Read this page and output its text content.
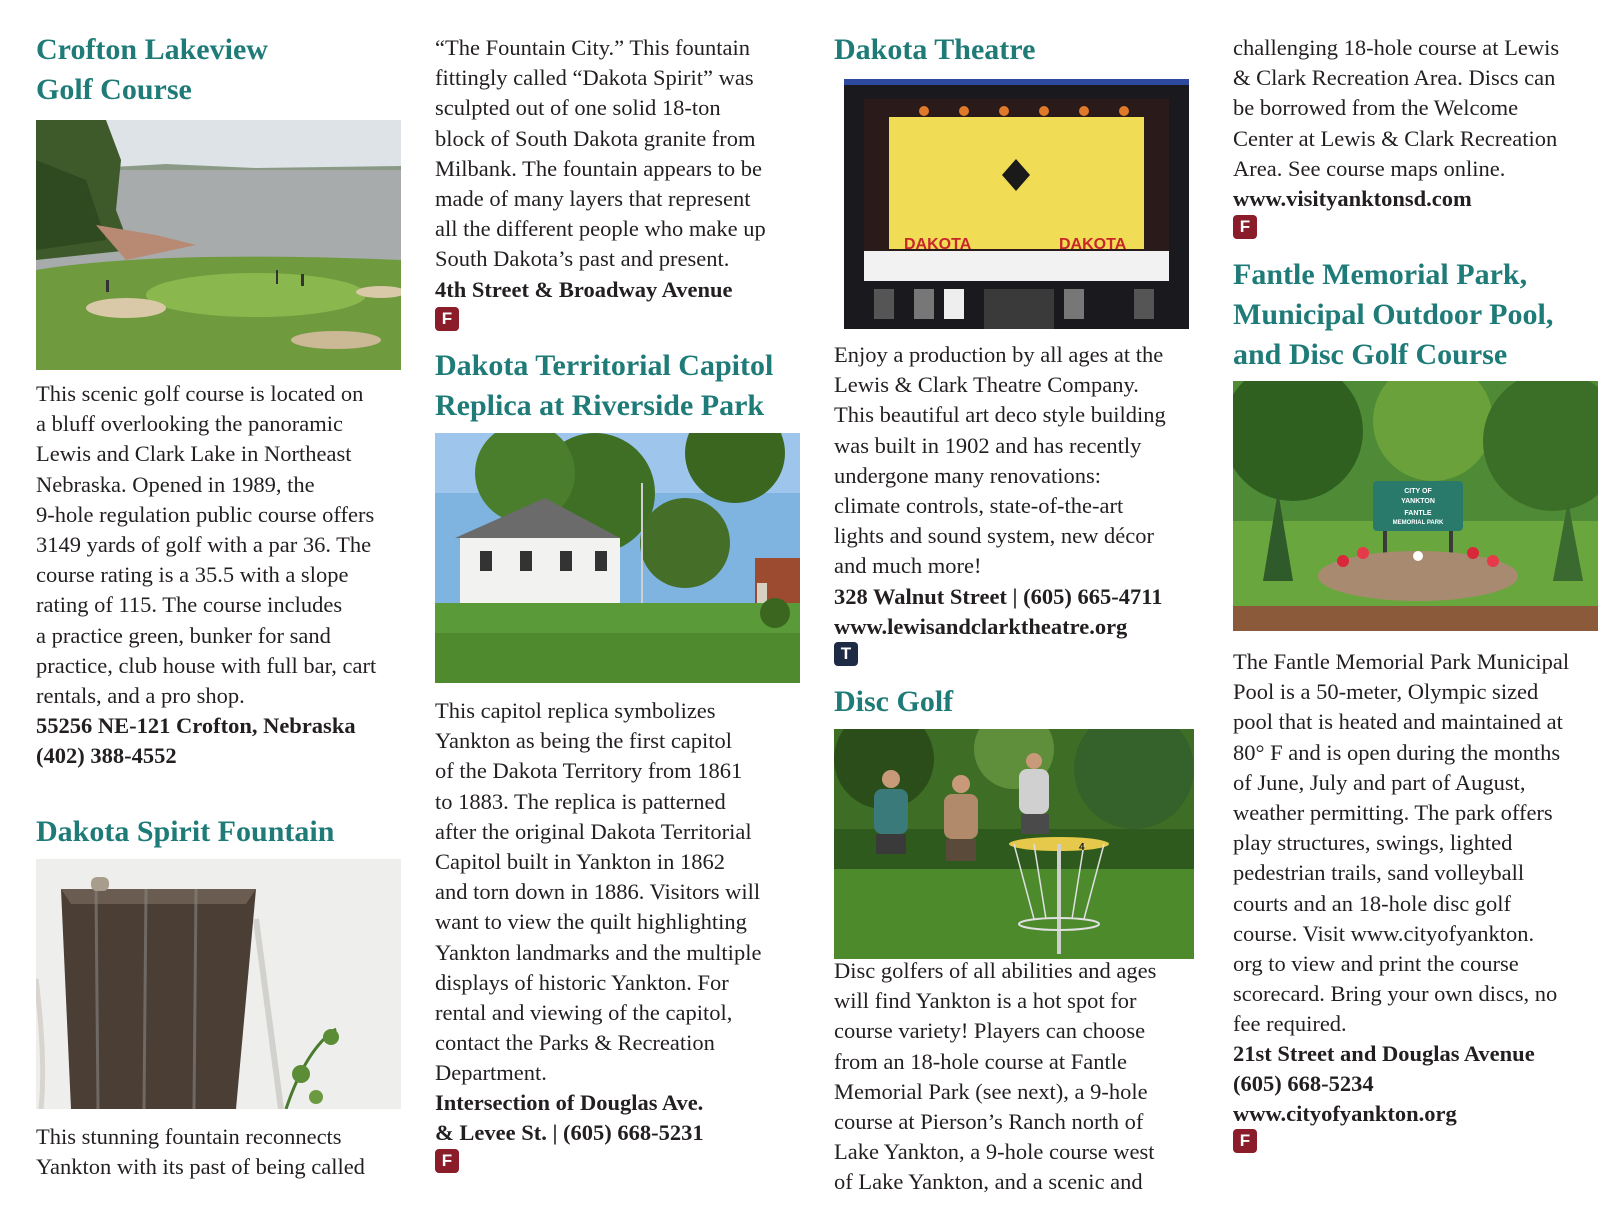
Crofton Lakeview
Golf Course

This scenic golf course is located on
a bluff overlooking the panoramic
Lewis and Clark Lake in Northeast
Nebraska. Opened in 1989, the
9-hole regulation public course offers
3149 yards of golf with a par 36. The
course rating is a 35.5 with a slope
rating of 115. The course includes
a practice green, bunker for sand
practice, club house with full bar, cart
rentals, and a pro shop.

55256 NE-121 Crofton, Nebraska
(402) 388-4552

Dakota Spirit Fountain

This stunning fountain reconnects
Yankton with its past of being called

“The Fountain City.” This fountain
fittingly called “Dakota Spirit” was
sculpted out of one solid 18-ton
block of South Dakota granite from
Milbank. The fountain appears to be
made of many layers that represent
all the different people who make up
South Dakota’s past and present.

4th Street & Broadway Avenue

F
Dakota Territorial Capitol
Replica at Riverside Park

This capitol replica symbolizes
Yankton as being the first capitol
of the Dakota Territory from 1861
to 1883. The replica is patterned
after the original Dakota Territorial
Capitol built in Yankton in 1862
and torn down in 1886. Visitors will
want to view the quilt highlighting
Yankton landmarks and the multiple
displays of historic Yankton. For
rental and viewing of the capitol,
contact the Parks & Recreation
Department.

Intersection of Douglas Ave.
& Levee St. | (605) 668-5231

F
Dakota Theatre
DAKOTA	DAKOTA

Enjoy a production by all ages at the
Lewis & Clark Theatre Company.
This beautiful art deco style building
was built in 1902 and has recently
undergone many renovations:
climate controls, state-of-the-art
lights and sound system, new décor
and much more!

328 Walnut Street | (605) 665-4711
www.lewisandclarktheatre.org

T
Disc Golf
4

Disc golfers of all abilities and ages
will find Yankton is a hot spot for
course variety! Players can choose
from an 18-hole course at Fantle
Memorial Park (see next), a 9-hole
course at Pierson’s Ranch north of
Lake Yankton, a 9-hole course west
of Lake Yankton, and a scenic and

challenging 18-hole course at Lewis
& Clark Recreation Area. Discs can
be borrowed from the Welcome
Center at Lewis & Clark Recreation
Area. See course maps online.

www.visityanktonsd.com

F
Fantle Memorial Park,
Municipal Outdoor Pool,
and Disc Golf Course
CITY OF
YANKTON
FANTLE
MEMORIAL PARK

The Fantle Memorial Park Municipal
Pool is a 50-meter, Olympic sized
pool that is heated and maintained at
80° F and is open during the months
of June, July and part of August,
weather permitting. The park offers
play structures, swings, lighted
pedestrian trails, sand volleyball
courts and an 18-hole disc golf
course. Visit www.cityofyankton.
org to view and print the course
scorecard. Bring your own discs, no
fee required.

21st Street and Douglas Avenue
(605) 668-5234
www.cityofyankton.org

F
